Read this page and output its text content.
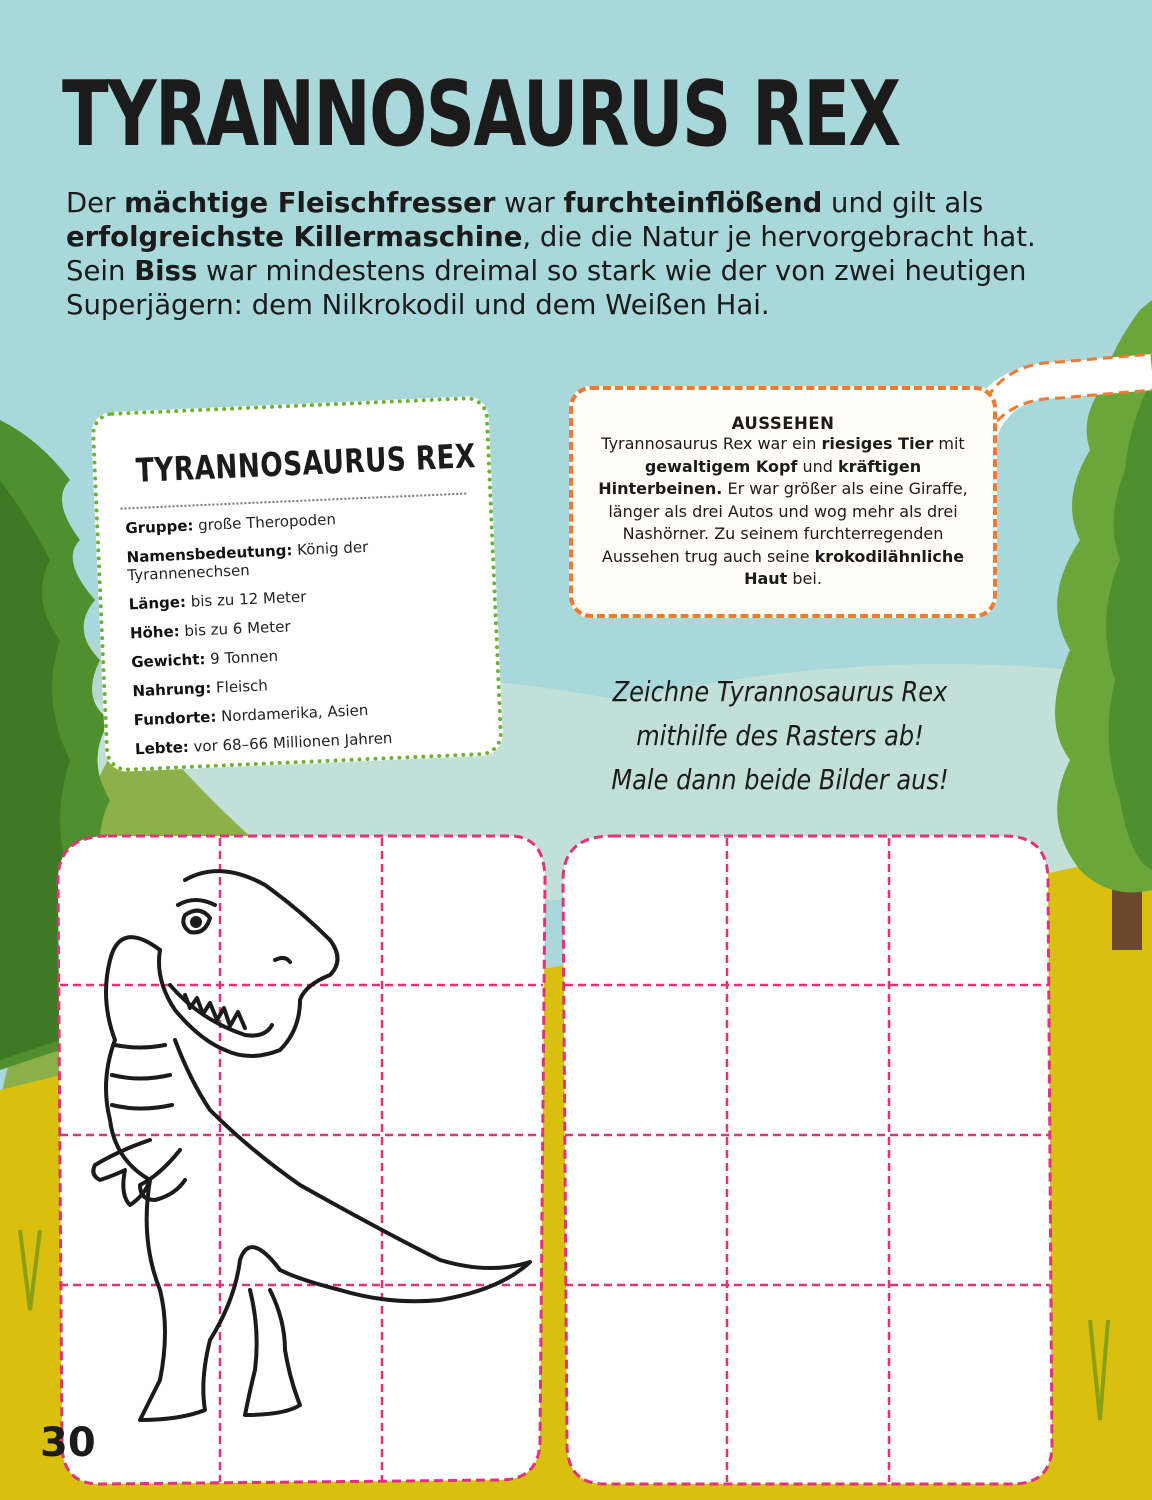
TYRANNOSAURUS REX

Der mächtige Fleischfresser war furchteinflößend und gilt als erfolgreichste Killermaschine, die die Natur je hervorgebracht hat. Sein Biss war mindestens dreimal so stark wie der von zwei heutigen Superjägern: dem Nilkrokodil und dem Weißen Hai.

TYRANNOSAURUS REX
Gruppe: große Theropoden
Namensbedeutung: König der Tyrannenechsen
Länge: bis zu 12 Meter
Höhe: bis zu 6 Meter
Gewicht: 9 Tonnen
Nahrung: Fleisch
Fundorte: Nordamerika, Asien
Lebte: vor 68–66 Millionen Jahren
AUSSEHEN
Tyrannosaurus Rex war ein riesiges Tier mit gewaltigem Kopf und kräftigen Hinterbeinen. Er war größer als eine Giraffe, länger als drei Autos und wog mehr als drei Nashörner. Zu seinem furchterregenden Aussehen trug auch seine krokodilähnliche Haut bei.
Zeichne Tyrannosaurus Rex
mithilfe des Rasters ab!
Male dann beide Bilder aus!
30
